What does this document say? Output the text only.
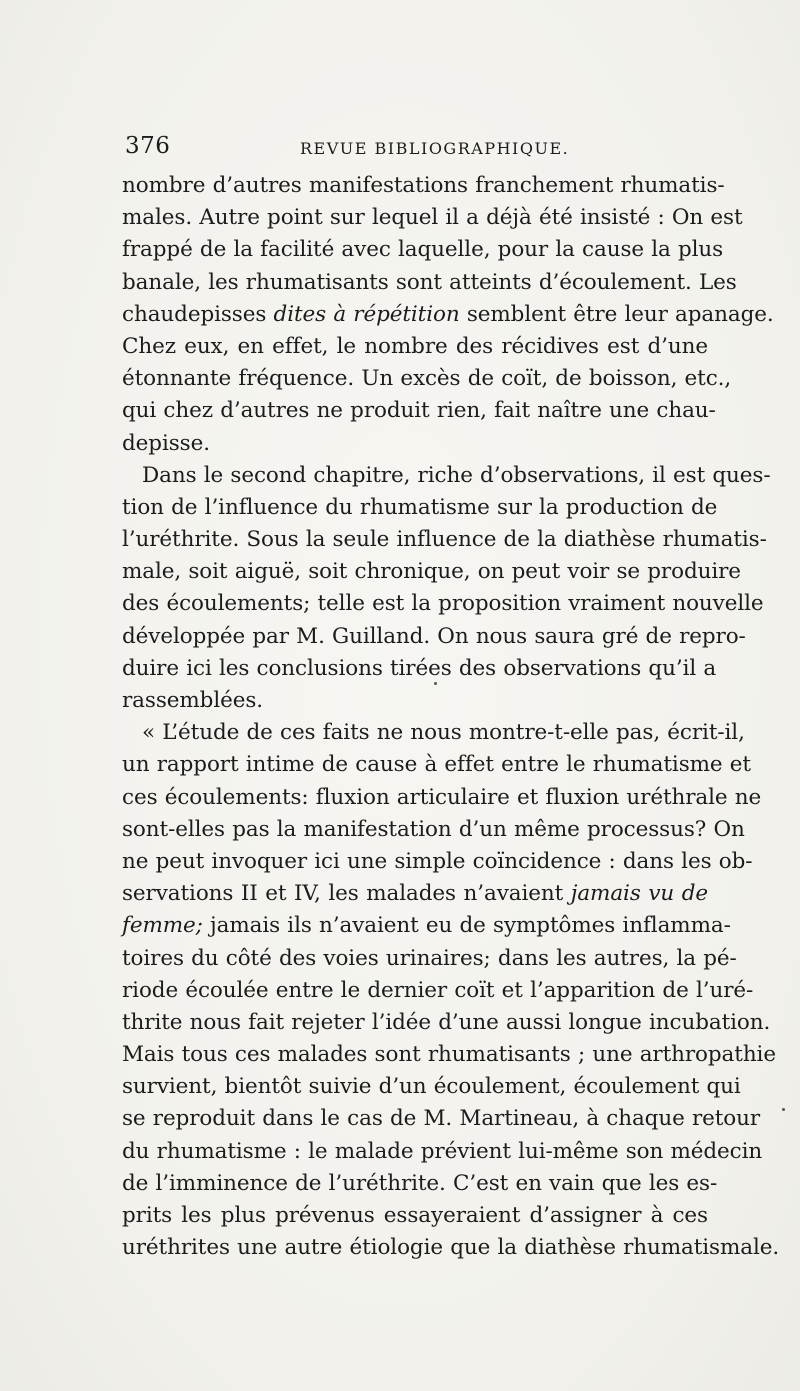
376	REVUE BIBLIOGRAPHIQUE.
nombre d’autres manifestations franchement rhumatis-
males. Autre point sur lequel il a déjà été insisté : On est
frappé de la facilité avec laquelle, pour la cause la plus
banale, les rhumatisants sont atteints d’écoulement. Les
chaudepisses dites à répétition semblent être leur apanage.
Chez eux, en effet, le nombre des récidives est d’une
étonnante fréquence. Un excès de coït, de boisson, etc.,
qui chez d’autres ne produit rien, fait naître une chau-
depisse.
Dans le second chapitre, riche d’observations, il est ques-
tion de l’influence du rhumatisme sur la production de
l’uréthrite. Sous la seule influence de la diathèse rhumatis-
male, soit aiguë, soit chronique, on peut voir se produire
des écoulements; telle est la proposition vraiment nouvelle
développée par M. Guilland. On nous saura gré de repro-
duire ici les conclusions tirées des observations qu’il a
rassemblées.
« L’étude de ces faits ne nous montre-t-elle pas, écrit-il,
un rapport intime de cause à effet entre le rhumatisme et
ces écoulements: fluxion articulaire et fluxion uréthrale ne
sont-elles pas la manifestation d’un même processus? On
ne peut invoquer ici une simple coïncidence : dans les ob-
servations II et IV, les malades n’avaient jamais vu de
femme; jamais ils n’avaient eu de symptômes inflamma-
toires du côté des voies urinaires; dans les autres, la pé-
riode écoulée entre le dernier coït et l’apparition de l’uré-
thrite nous fait rejeter l’idée d’une aussi longue incubation.
Mais tous ces malades sont rhumatisants ; une arthropathie
survient, bientôt suivie d’un écoulement, écoulement qui
se reproduit dans le cas de M. Martineau, à chaque retour
du rhumatisme : le malade prévient lui-même son médecin
de l’imminence de l’uréthrite. C’est en vain que les es-
prits les plus prévenus essayeraient d’assigner à ces
uréthrites une autre étiologie que la diathèse rhumatismale.
